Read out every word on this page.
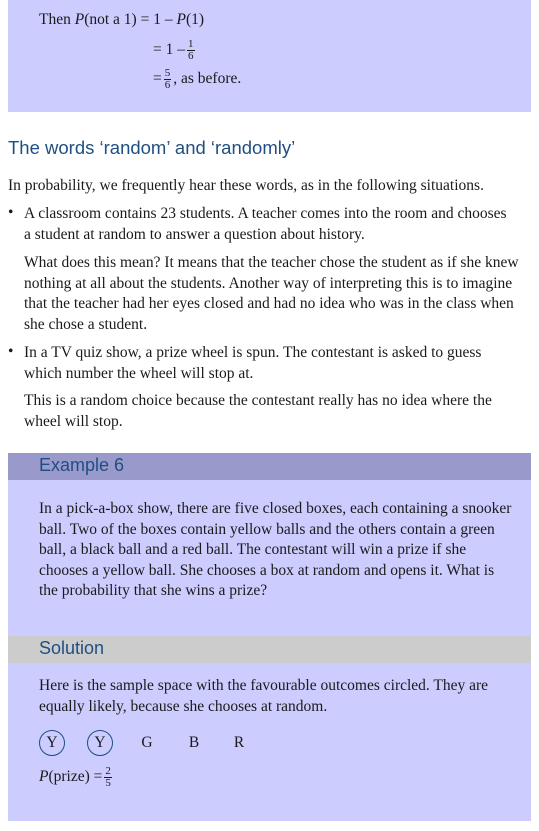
Then P(not a 1) = 1 – P(1)
= $1 - \frac{1}{6}$
= $\frac{5}{6}$ , as before.
The words ‘random’ and ‘randomly’
In probability, we frequently hear these words, as in the following situations.
• A classroom contains 23 students. A teacher comes into the room and chooses a student at random to answer a question about history.
What does this mean? It means that the teacher chose the student as if she knew nothing at all about the students. Another way of interpreting this is to imagine that the teacher had her eyes closed and had no idea who was in the class when she chose a student.
• In a TV quiz show, a prize wheel is spun. The contestant is asked to guess which number the wheel will stop at.
This is a random choice because the contestant really has no idea where the wheel will stop.
Example 6
In a pick-a-box show, there are five closed boxes, each containing a snooker ball. Two of the boxes contain yellow balls and the others contain a green ball, a black ball and a red ball. The contestant will win a prize if she chooses a yellow ball. She chooses a box at random and opens it. What is the probability that she wins a prize?
Solution
Here is the sample space with the favourable outcomes circled. They are equally likely, because she chooses at random.
Y	Y	G	B	R
P(prize) = $\frac{2}{5}$
